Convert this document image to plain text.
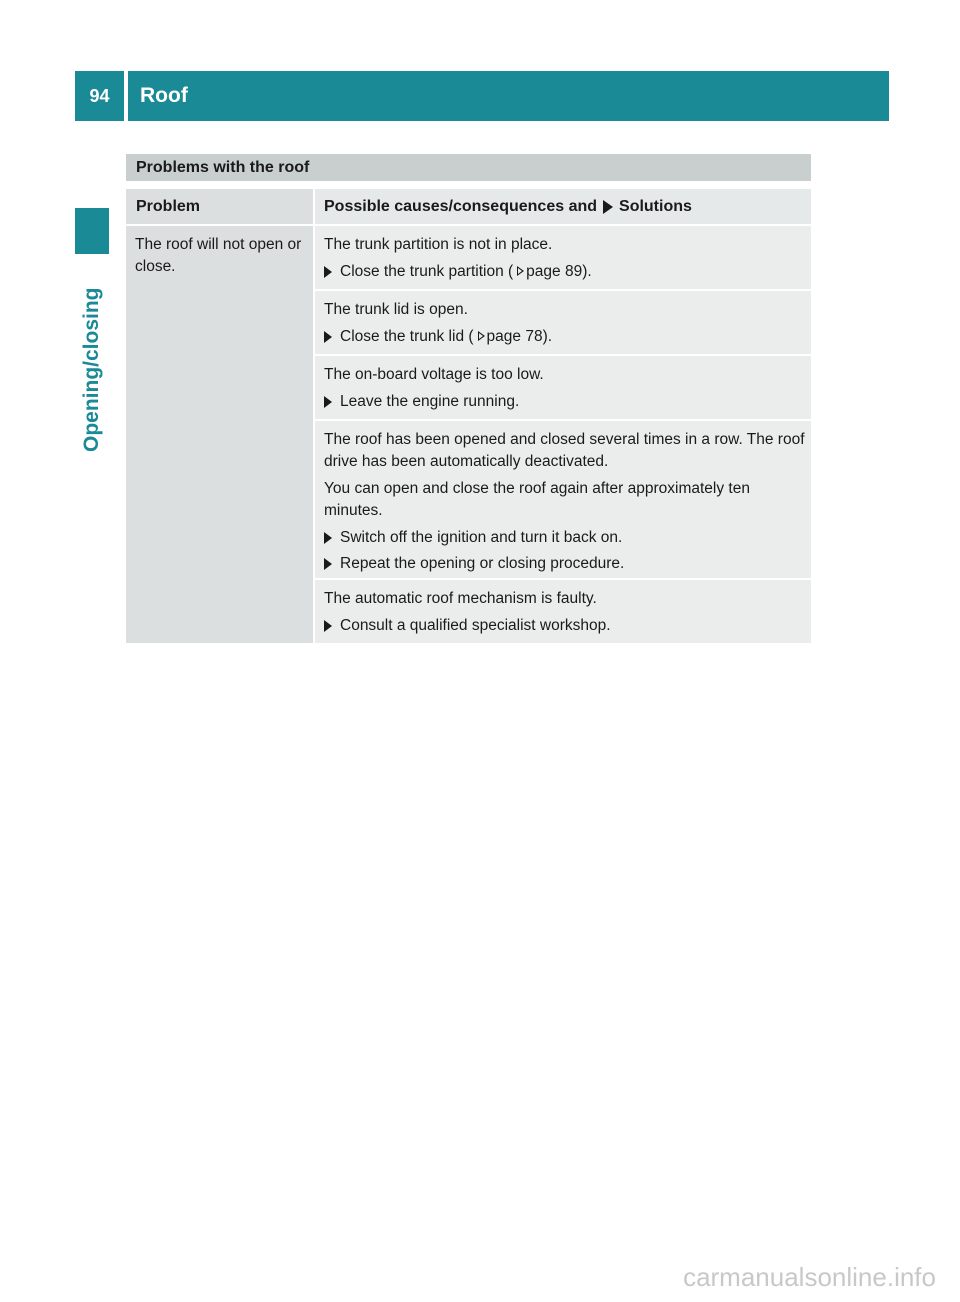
94	Roof
Opening/closing
Problems with the roof
Problem	Possible causes/consequences and Solutions
The roof will not open or close.

The trunk partition is not in place.

Close the trunk partition ( page 89).

The trunk lid is open.

Close the trunk lid ( page 78).

The on-board voltage is too low.

Leave the engine running.

The roof has been opened and closed several times in a row. The roof drive has been automatically deactivated.

You can open and close the roof again after approximately ten minutes.

Switch off the ignition and turn it back on.
Repeat the opening or closing procedure.

The automatic roof mechanism is faulty.

Consult a qualified specialist workshop.
carmanualsonline.info
